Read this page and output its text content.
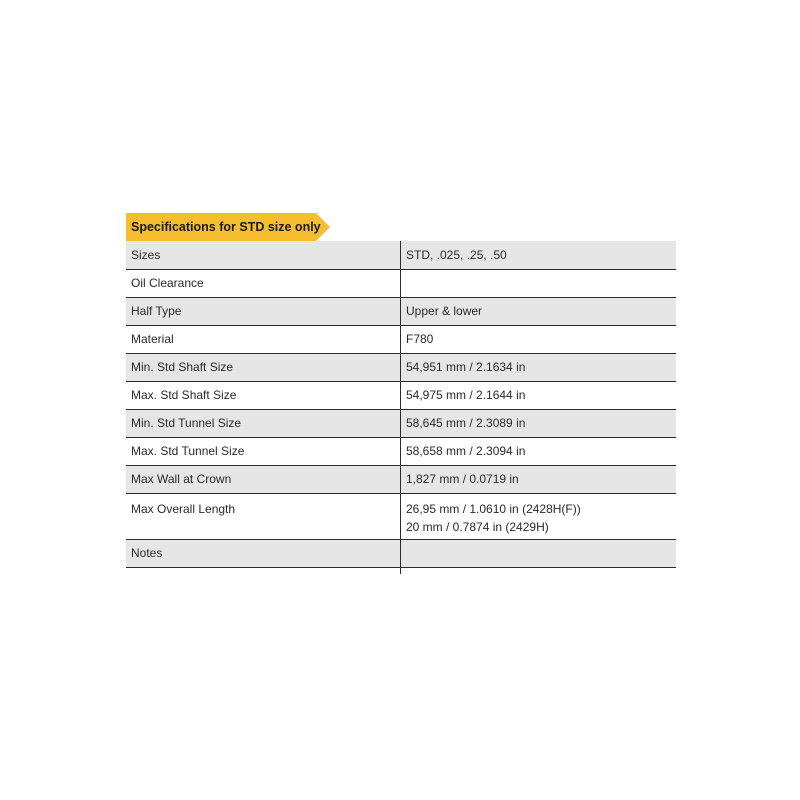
Specifications for STD size only
Sizes	STD, .025, .25, .50
Oil Clearance	
Half Type	Upper & lower
Material	F780
Min. Std Shaft Size	54,951 mm / 2.1634 in
Max. Std Shaft Size	54,975 mm / 2.1644 in
Min. Std Tunnel Size	58,645 mm / 2.3089 in
Max. Std Tunnel Size	58,658 mm / 2.3094 in
Max Wall at Crown	1,827 mm / 0.0719 in
Max Overall Length	26,95 mm / 1.0610 in (2428H(F))
20 mm / 0.7874 in (2429H)

Notes	
